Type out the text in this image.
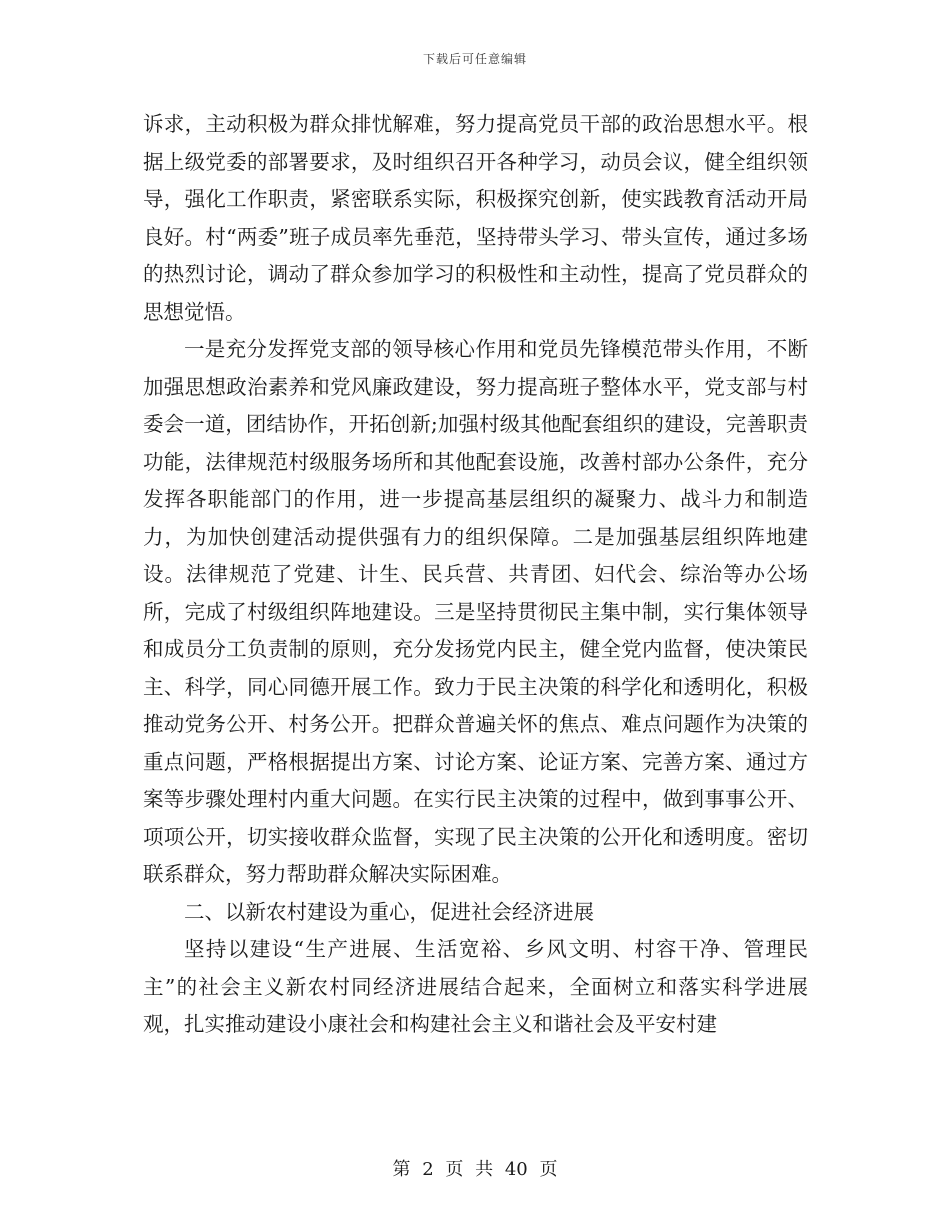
下载后可任意编辑

诉求，主动积极为群众排忧解难，努力提高党员干部的政治思想水平。根据上级党委的部署要求，及时组织召开各种学习，动员会议，健全组织领导，强化工作职责，紧密联系实际，积极探究创新，使实践教育活动开局良好。村“两委”班子成员率先垂范，坚持带头学习、带头宣传，通过多场的热烈讨论，调动了群众参加学习的积极性和主动性，提高了党员群众的思想觉悟。

一是充分发挥党支部的领导核心作用和党员先锋模范带头作用，不断加强思想政治素养和党风廉政建设，努力提高班子整体水平，党支部与村委会一道，团结协作，开拓创新;加强村级其他配套组织的建设，完善职责功能，法律规范村级服务场所和其他配套设施，改善村部办公条件，充分发挥各职能部门的作用，进一步提高基层组织的凝聚力、战斗力和制造力，为加快创建活动提供强有力的组织保障。二是加强基层组织阵地建设。法律规范了党建、计生、民兵营、共青团、妇代会、综治等办公场所，完成了村级组织阵地建设。三是坚持贯彻民主集中制，实行集体领导和成员分工负责制的原则，充分发扬党内民主，健全党内监督，使决策民主、科学，同心同德开展工作。致力于民主决策的科学化和透明化，积极推动党务公开、村务公开。把群众普遍关怀的焦点、难点问题作为决策的重点问题，严格根据提出方案、讨论方案、论证方案、完善方案、通过方案等步骤处理村内重大问题。在实行民主决策的过程中，做到事事公开、项项公开，切实接收群众监督，实现了民主决策的公开化和透明度。密切联系群众，努力帮助群众解决实际困难。

二、以新农村建设为重心，促进社会经济进展

坚持以建设“生产进展、生活宽裕、乡风文明、村容干净、管理民主”的社会主义新农村同经济进展结合起来，全面树立和落实科学进展观，扎实推动建设小康社会和构建社会主义和谐社会及平安村建

第 2 页 共 40 页
